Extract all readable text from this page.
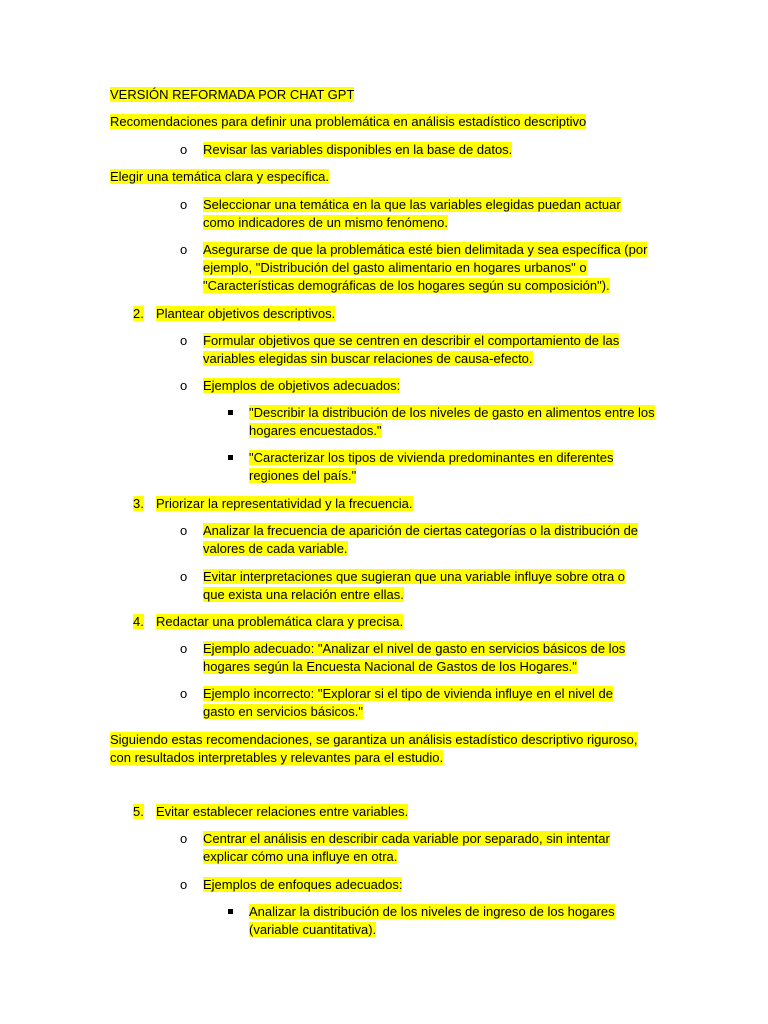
VERSIÓN REFORMADA POR CHAT GPT
Recomendaciones para definir una problemática en análisis estadístico descriptivo
o Revisar las variables disponibles en la base de datos.
Elegir una temática clara y específica.
o Seleccionar una temática en la que las variables elegidas puedan actuar como indicadores de un mismo fenómeno.
o Asegurarse de que la problemática esté bien delimitada y sea específica (por ejemplo, "Distribución del gasto alimentario en hogares urbanos" o "Características demográficas de los hogares según su composición").
2. Plantear objetivos descriptivos.
o Formular objetivos que se centren en describir el comportamiento de las variables elegidas sin buscar relaciones de causa-efecto.
o Ejemplos de objetivos adecuados:
"Describir la distribución de los niveles de gasto en alimentos entre los hogares encuestados."
"Caracterizar los tipos de vivienda predominantes en diferentes regiones del país."
3. Priorizar la representatividad y la frecuencia.
o Analizar la frecuencia de aparición de ciertas categorías o la distribución de valores de cada variable.
o Evitar interpretaciones que sugieran que una variable influye sobre otra o que exista una relación entre ellas.
4. Redactar una problemática clara y precisa.
o Ejemplo adecuado: "Analizar el nivel de gasto en servicios básicos de los hogares según la Encuesta Nacional de Gastos de los Hogares."
o Ejemplo incorrecto: "Explorar si el tipo de vivienda influye en el nivel de gasto en servicios básicos."
Siguiendo estas recomendaciones, se garantiza un análisis estadístico descriptivo riguroso, con resultados interpretables y relevantes para el estudio.
5. Evitar establecer relaciones entre variables.
o Centrar el análisis en describir cada variable por separado, sin intentar explicar cómo una influye en otra.
o Ejemplos de enfoques adecuados:
Analizar la distribución de los niveles de ingreso de los hogares (variable cuantitativa).
